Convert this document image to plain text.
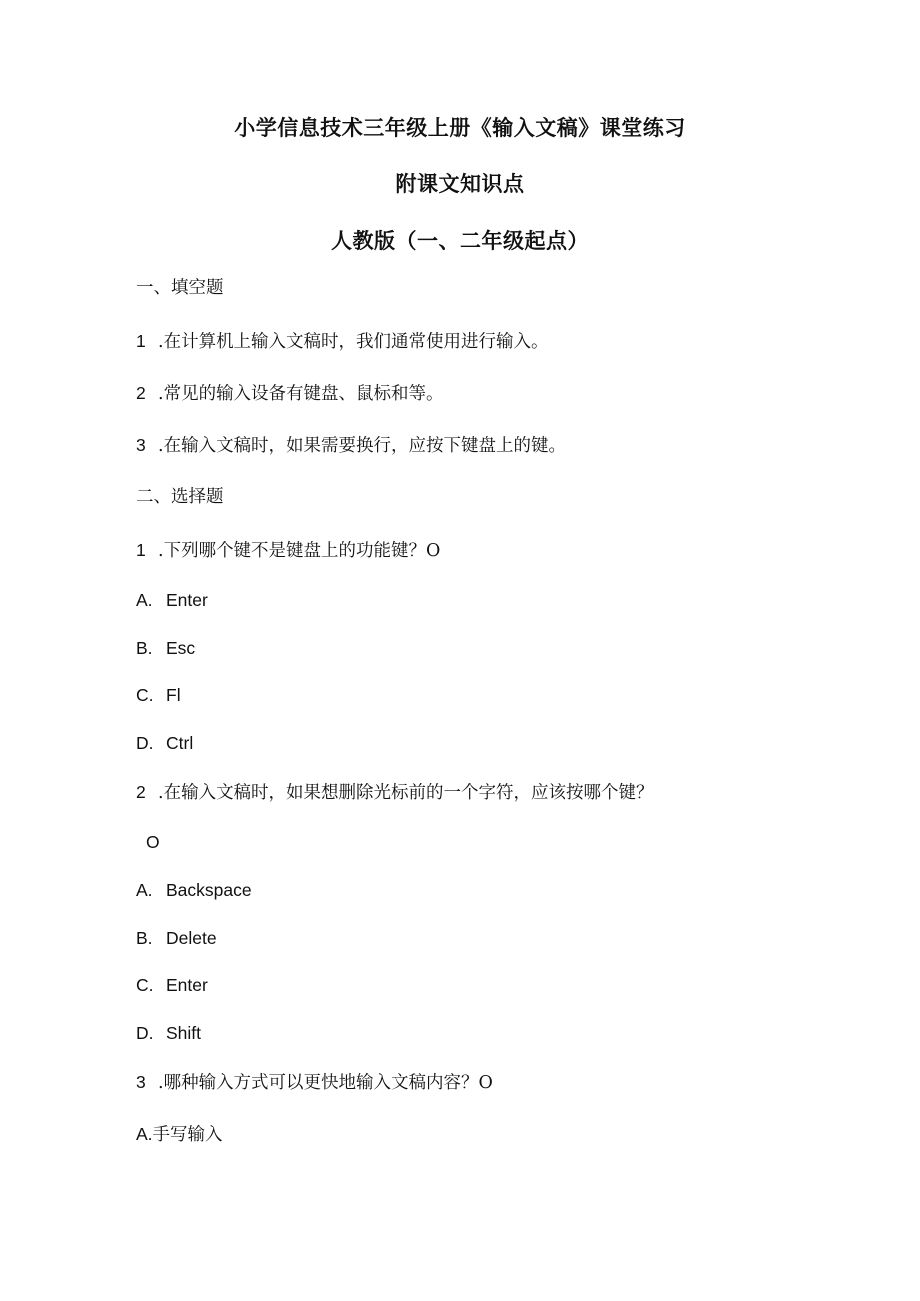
小学信息技术三年级上册《输入文稿》课堂练习
附课文知识点
人教版（一、二年级起点）
一、填空题
1 .在计算机上输入文稿时，我们通常使用进行输入。
2 .常见的输入设备有键盘、鼠标和等。
3 .在输入文稿时，如果需要换行，应按下键盘上的键。
二、选择题
1 .下列哪个键不是键盘上的功能键？O
A. Enter
B. Esc
C. Fl
D. Ctrl
2 .在输入文稿时，如果想删除光标前的一个字符，应该按哪个键？
O
A. Backspace
B. Delete
C. Enter
D. Shift
3 .哪种输入方式可以更快地输入文稿内容？O
A.手写输入
